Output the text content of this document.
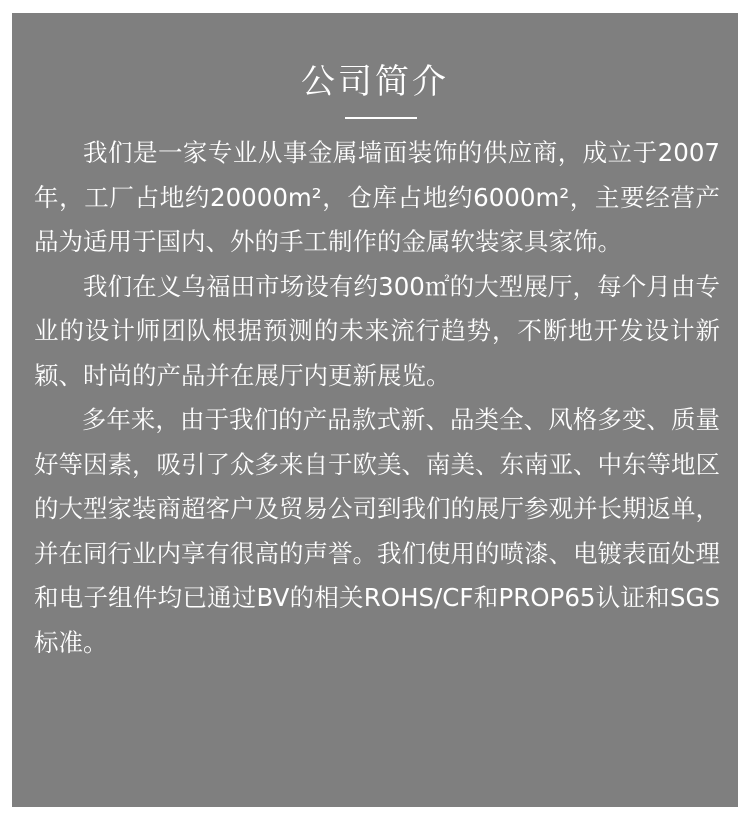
公司简介

我们是一家专业从事金属墙面装饰的供应商，成立于2007年，工厂占地约20000m²，仓库占地约6000m²，主要经营产品为适用于国内、外的手工制作的金属软装家具家饰。

我们在义乌福田市场设有约300㎡的大型展厅，每个月由专业的设计师团队根据预测的未来流行趋势，不断地开发设计新颖、时尚的产品并在展厅内更新展览。

多年来，由于我们的产品款式新、品类全、风格多变、质量好等因素，吸引了众多来自于欧美、南美、东南亚、中东等地区的大型家装商超客户及贸易公司到我们的展厅参观并长期返单，并在同行业内享有很高的声誉。我们使用的喷漆、电镀表面处理和电子组件均已通过BV的相关ROHS/CF和PROP65认证和SGS标准。
